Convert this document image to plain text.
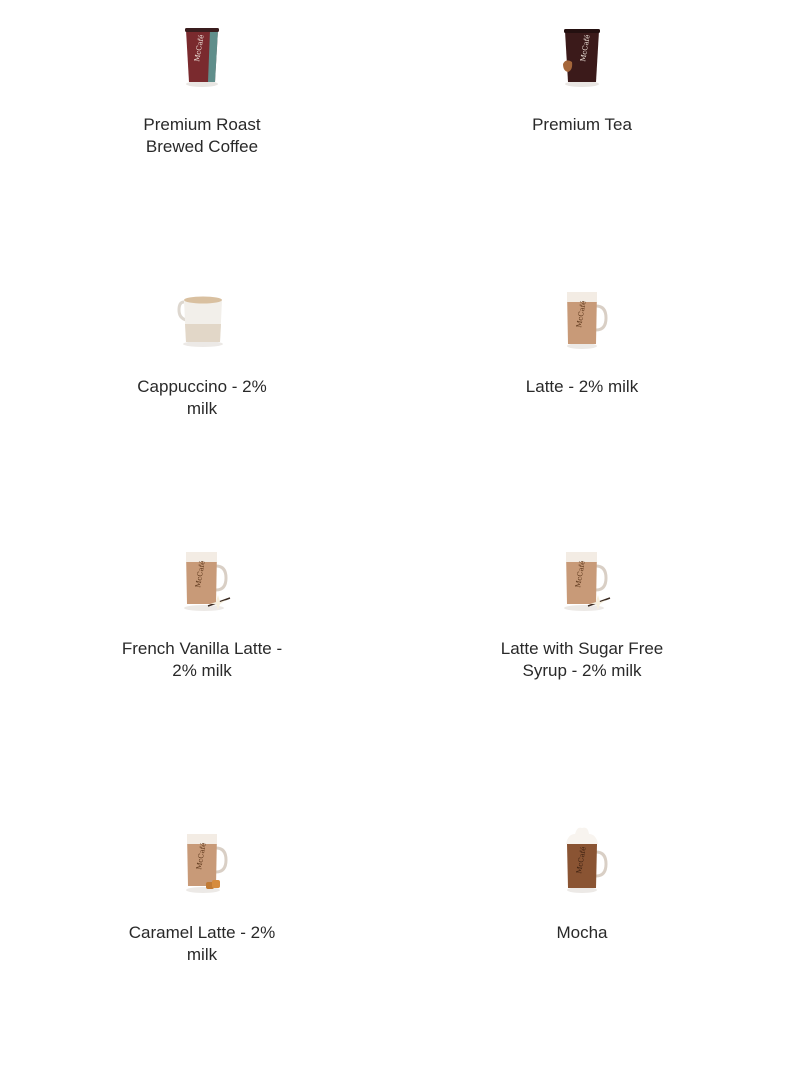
McCafé
Premium Roast Brewed Coffee
McCafé
Premium Tea
Cappuccino - 2% milk
McCafé
Latte - 2% milk
McCafé
French Vanilla Latte - 2% milk
McCafé
Latte with Sugar Free Syrup - 2% milk
McCafé
Caramel Latte - 2% milk
McCafé
Mocha
